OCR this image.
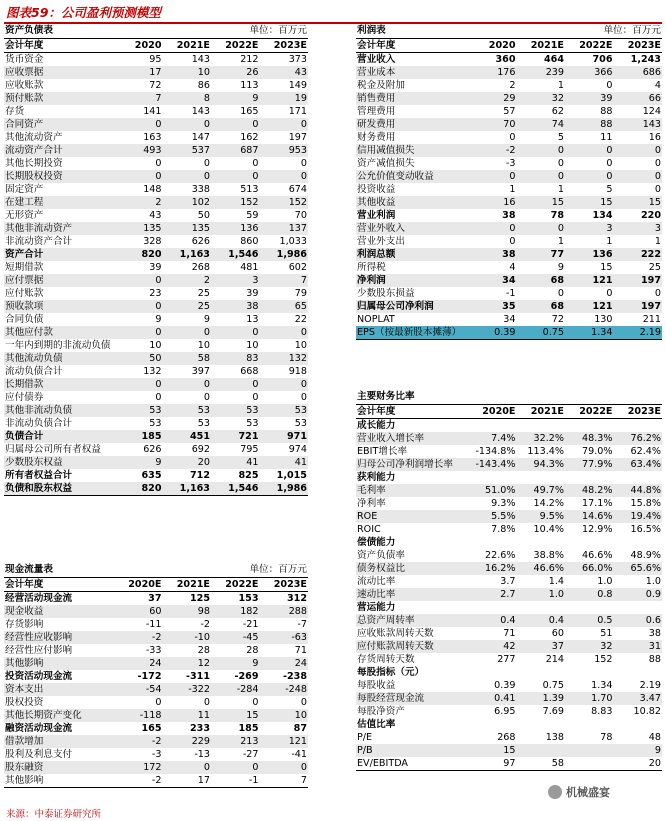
图表59：公司盈利预测模型
资产负债表		单位：百万元		
会计年度	2020	2021E	2022E	2023E
货币资金	95	143	212	373
应收票据	17	10	26	43
应收账款	72	86	113	149
预付账款	7	8	9	19
存货	141	143	165	171
合同资产	0	0	0	0
其他流动资产	163	147	162	197
流动资产合计	493	537	687	953
其他长期投资	0	0	0	0
长期股权投资	0	0	0	0
固定资产	148	338	513	674
在建工程	2	102	152	152
无形资产	43	50	59	70
其他非流动资产	135	135	136	137
非流动资产合计	328	626	860	1,033
资产合计	820	1,163	1,546	1,986
短期借款	39	268	481	602
应付票据	0	2	3	7
应付账款	23	25	39	79
预收款项	0	25	38	65
合同负债	9	9	13	22
其他应付款	0	0	0	0
一年内到期的非流动负债	10	10	10	10
其他流动负债	50	58	83	132
流动负债合计	132	397	668	918
长期借款	0	0	0	0
应付债券	0	0	0	0
其他非流动负债	53	53	53	53
非流动负债合计	53	53	53	53
负债合计	185	451	721	971
归属母公司所有者权益	626	692	795	974
少数股东权益	9	20	41	41
所有者权益合计	635	712	825	1,015
负债和股东权益	820	1,163	1,546	1,986
现金流量表		单位：百万元		
会计年度	2020E	2021E	2022E	2023E
经营活动现金流	37	125	153	312
现金收益	60	98	182	288
存货影响	-11	-2	-21	-7
经营性应收影响	-2	-10	-45	-63
经营性应付影响	-33	28	28	71
其他影响	24	12	9	24
投资活动现金流	-172	-311	-269	-238
资本支出	-54	-322	-284	-248
股权投资	0	0	0	0
其他长期资产变化	-118	11	15	10
融资活动现金流	165	233	185	87
借款增加	-2	229	213	121
股利及利息支付	-3	-13	-27	-41
股东融资	172	0	0	0
其他影响	-2	17	-1	7
利润表		单位：百万元		
会计年度	2020	2021E	2022E	2023E
营业收入	360	464	706	1,243
营业成本	176	239	366	686
税金及附加	2	1	0	4
销售费用	29	32	39	66
管理费用	57	62	88	124
研发费用	70	74	88	143
财务费用	0	5	11	16
信用减值损失	-2	0	0	0
资产减值损失	-3	0	0	0
公允价值变动收益	0	0	0	0
投资收益	1	1	5	0
其他收益	16	15	15	15
营业利润	38	78	134	220
营业外收入	0	0	3	3
营业外支出	0	1	1	1
利润总额	38	77	136	222
所得税	4	9	15	25
净利润	34	68	121	197
少数股东损益	-1	0	0	0
归属母公司净利润	35	68	121	197
NOPLAT	34	72	130	211
EPS（按最新股本摊薄）	0.39	0.75	1.34	2.19
主要财务比率				
会计年度	2020E	2021E	2022E	2023E
成长能力				
营业收入增长率	7.4%	32.2%	48.3%	76.2%
EBIT增长率	-134.8%	113.4%	79.0%	62.4%
归母公司净利润增长率	-143.4%	94.3%	77.9%	63.4%
获利能力				
毛利率	51.0%	49.7%	48.2%	44.8%
净利率	9.3%	14.2%	17.1%	15.8%
ROE	5.5%	9.5%	14.6%	19.4%
ROIC	7.8%	10.4%	12.9%	16.5%
偿债能力				
资产负债率	22.6%	38.8%	46.6%	48.9%
债务权益比	16.2%	46.6%	66.0%	65.6%
流动比率	3.7	1.4	1.0	1.0
速动比率	2.7	1.0	0.8	0.9
营运能力				
总资产周转率	0.4	0.4	0.5	0.6
应收账款周转天数	71	60	51	38
应付账款周转天数	42	37	32	31
存货周转天数	277	214	152	88
每股指标（元）				
每股收益	0.39	0.75	1.34	2.19
每股经营现金流	0.41	1.39	1.70	3.47
每股净资产	6.95	7.69	8.83	10.82
估值比率				
P/E	268	138	78	48
P/B	15			9
EV/EBITDA	97	58		20
机械盛宴
来源：中泰证券研究所
